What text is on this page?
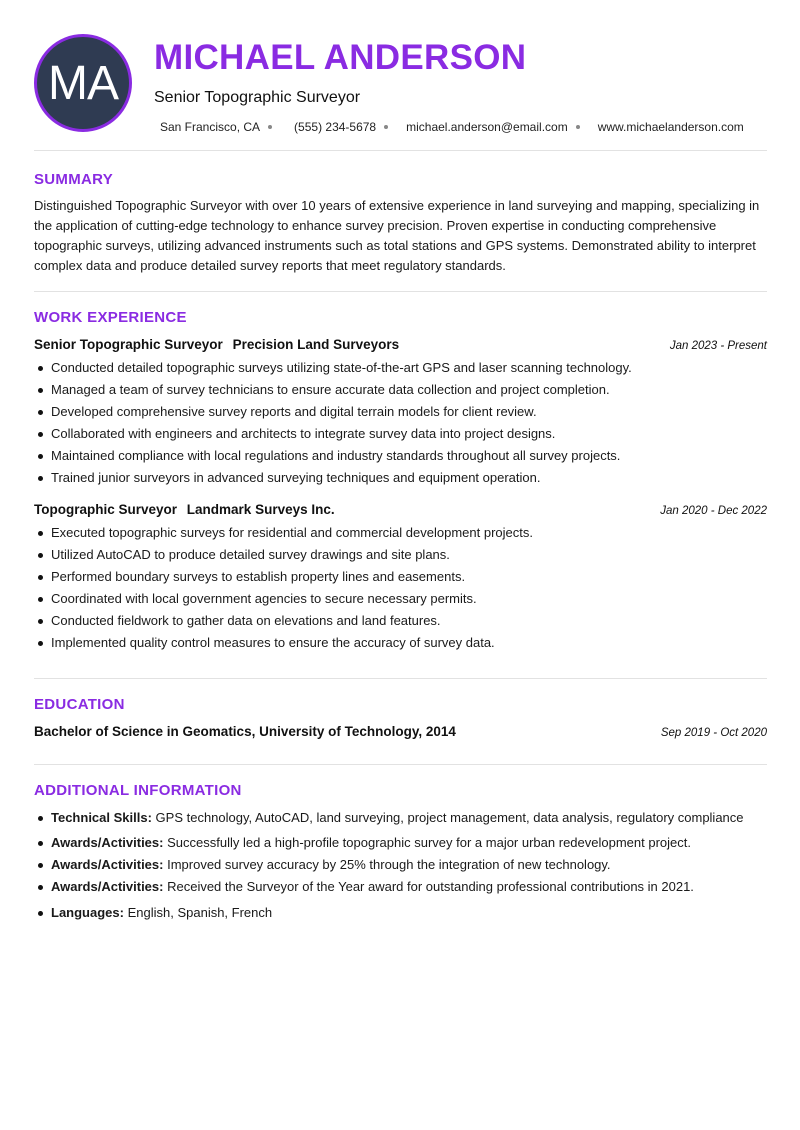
MA MICHAEL ANDERSON
Senior Topographic Surveyor
San Francisco, CA	(555) 234-5678	michael.anderson@email.com	www.michaelanderson.com
SUMMARY

Distinguished Topographic Surveyor with over 10 years of extensive experience in land surveying and mapping, specializing in the application of cutting-edge technology to enhance survey precision. Proven expertise in conducting comprehensive topographic surveys, utilizing advanced instruments such as total stations and GPS systems. Demonstrated ability to interpret complex data and produce detailed survey reports that meet regulatory standards.

WORK EXPERIENCE
Senior Topographic Surveyor Precision Land Surveyors	Jan 2023 - Present
Conducted detailed topographic surveys utilizing state-of-the-art GPS and laser scanning technology.
Managed a team of survey technicians to ensure accurate data collection and project completion.
Developed comprehensive survey reports and digital terrain models for client review.
Collaborated with engineers and architects to integrate survey data into project designs.
Maintained compliance with local regulations and industry standards throughout all survey projects.
Trained junior surveyors in advanced surveying techniques and equipment operation.
Topographic Surveyor Landmark Surveys Inc.	Jan 2020 - Dec 2022
Executed topographic surveys for residential and commercial development projects.
Utilized AutoCAD to produce detailed survey drawings and site plans.
Performed boundary surveys to establish property lines and easements.
Coordinated with local government agencies to secure necessary permits.
Conducted fieldwork to gather data on elevations and land features.
Implemented quality control measures to ensure the accuracy of survey data.
EDUCATION
Bachelor of Science in Geomatics, University of Technology, 2014	Sep 2019 - Oct 2020
ADDITIONAL INFORMATION
Technical Skills: GPS technology, AutoCAD, land surveying, project management, data analysis, regulatory compliance
Awards/Activities: Successfully led a high-profile topographic survey for a major urban redevelopment project.
Awards/Activities: Improved survey accuracy by 25% through the integration of new technology.
Awards/Activities: Received the Surveyor of the Year award for outstanding professional contributions in 2021.
Languages: English, Spanish, French
